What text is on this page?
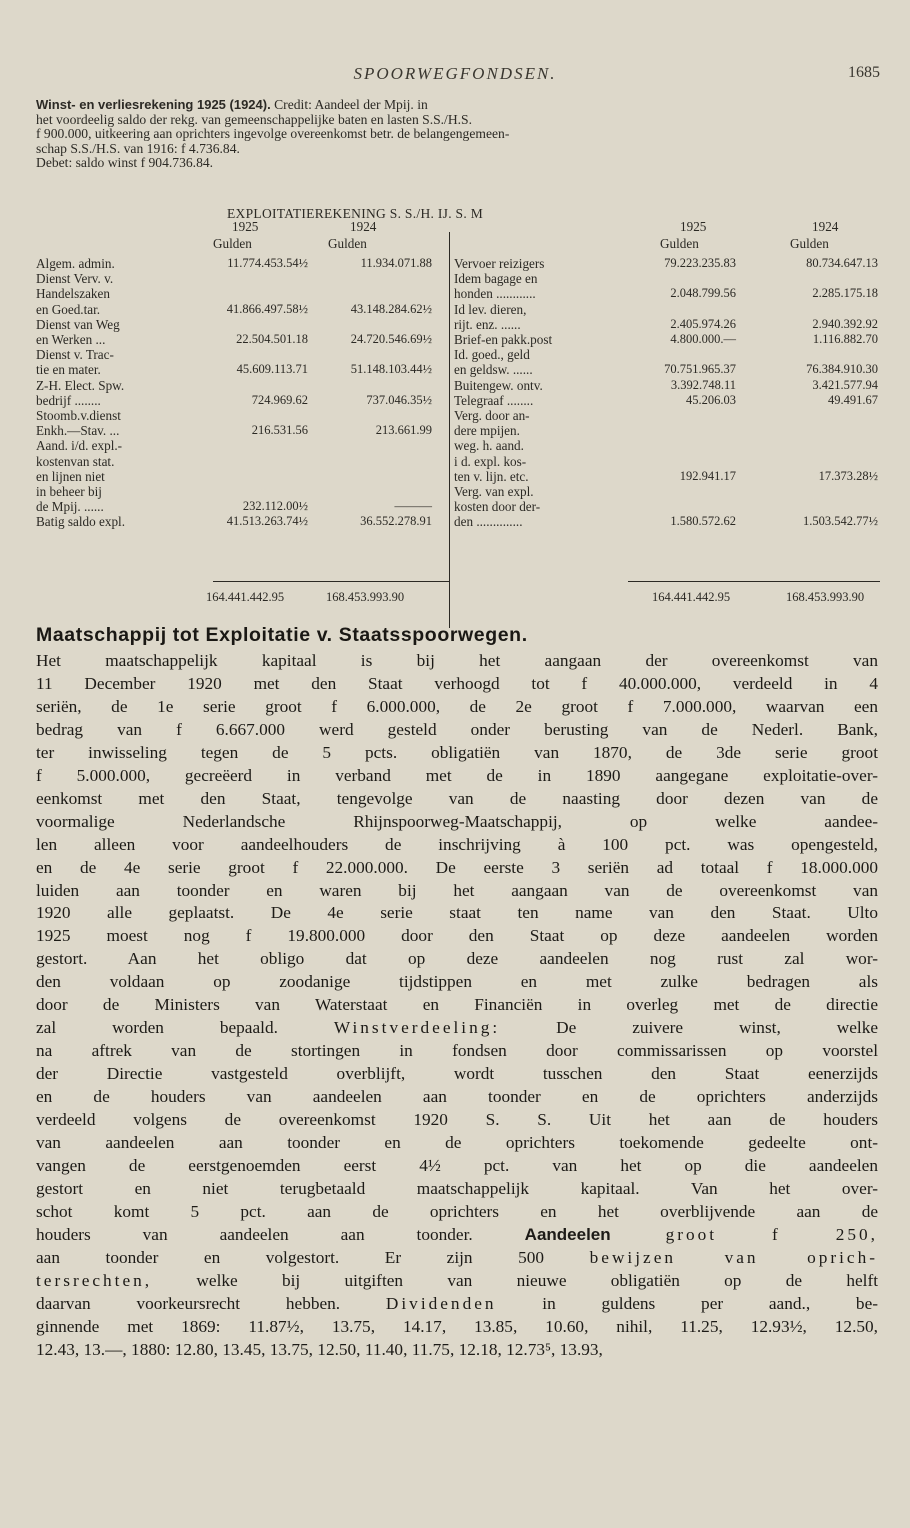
SPOORWEGFONDSEN.	1685
Winst- en verliesrekening 1925 (1924). Credit: Aandeel der Mpij. in
het voordeelig saldo der rekg. van gemeenschappelijke baten en lasten S.S./H.S.
f 900.000, uitkeering aan oprichters ingevolge overeenkomst betr. de belangengemeen-
schap S.S./H.S. van 1916: f 4.736.84.
Debet: saldo winst f 904.736.84.
EXPLOITATIEREKENING S. S./H. IJ. S. M
1925	1924
Gulden	Gulden
1925	1924
Gulden	Gulden
Algem. admin.	11.774.453.54½	11.934.071.88
Dienst Verv. v.
Handelszaken
en Goed.tar.	41.866.497.58½	43.148.284.62½
Dienst van Weg
en Werken ...	22.504.501.18	24.720.546.69½
Dienst v. Trac-
tie en mater.	45.609.113.71	51.148.103.44½
Z-H. Elect. Spw.
bedrijf ........	724.969.62	737.046.35½
Stoomb.v.dienst
Enkh.—Stav. ...	216.531.56	213.661.99
Aand. i/d. expl.-
kostenvan stat.
en lijnen niet
in beheer bij
de Mpij. ......	232.112.00½	———
Batig saldo expl.	41.513.263.74½	36.552.278.91
Vervoer reizigers	79.223.235.83	80.734.647.13
Idem bagage en
honden ............	2.048.799.56	2.285.175.18
Id lev. dieren,
rijt. enz. ......	2.405.974.26	2.940.392.92
Brief-en pakk.post	4.800.000.—	1.116.882.70
Id. goed., geld
en geldsw. ......	70.751.965.37	76.384.910.30
Buitengew. ontv.	3.392.748.11	3.421.577.94
Telegraaf ........	45.206.03	49.491.67
Verg. door an-
dere mpijen.
weg. h. aand.
i d. expl. kos-
ten v. lijn. etc.	192.941.17	17.373.28½
Verg. van expl.
kosten door der-
den ..............	1.580.572.62	1.503.542.77½
164.441.442.95	168.453.993.90	164.441.442.95	168.453.993.90
Maatschappij tot Exploitatie v. Staatsspoorwegen.
Het maatschappelijk kapitaal is bij het aangaan der overeenkomst van
11 December 1920 met den Staat verhoogd tot f 40.000.000, verdeeld in 4
seriën, de 1e serie groot f 6.000.000, de 2e groot f 7.000.000, waarvan een
bedrag van f 6.667.000 werd gesteld onder berusting van de Nederl. Bank,
ter inwisseling tegen de 5 pcts. obligatiën van 1870, de 3de serie groot
f 5.000.000, gecreëerd in verband met de in 1890 aangegane exploitatie-over-
eenkomst met den Staat, tengevolge van de naasting door dezen van de
voormalige Nederlandsche Rhijnspoorweg-Maatschappij, op welke aandee-
len alleen voor aandeelhouders de inschrijving à 100 pct. was opengesteld,
en de 4e serie groot f 22.000.000. De eerste 3 seriën ad totaal f 18.000.000
luiden aan toonder en waren bij het aangaan van de overeenkomst van
1920 alle geplaatst. De 4e serie staat ten name van den Staat. Ulto
1925 moest nog f 19.800.000 door den Staat op deze aandeelen worden
gestort. Aan het obligo dat op deze aandeelen nog rust zal wor-
den voldaan op zoodanige tijdstippen en met zulke bedragen als
door de Ministers van Waterstaat en Financiën in overleg met de directie
zal worden bepaald.	Winstverdeeling: De zuivere winst, welke
na aftrek van de stortingen in fondsen door commissarissen op voorstel
der Directie vastgesteld overblijft, wordt tusschen den Staat eenerzijds
en de houders van aandeelen aan toonder en de oprichters anderzijds
verdeeld volgens de overeenkomst 1920 S. S. Uit het aan de houders
van aandeelen aan toonder en de oprichters toekomende gedeelte ont-
vangen de eerstgenoemden eerst 4½ pct. van het op die aandeelen
gestort en niet terugbetaald maatschappelijk kapitaal. Van het over-
schot komt 5 pct. aan de oprichters en het overblijvende aan de
houders van aandeelen aan toonder.	Aandeelen groot f 250,
aan toonder en volgestort. Er zijn 500	bewijzen van oprich-
tersrechten,	welke bij uitgiften van nieuwe obligatiën op de helft
daarvan voorkeursrecht hebben.	Dividenden in guldens per aand., be-
ginnende met 1869: 11.87½, 13.75, 14.17, 13.85, 10.60, nihil, 11.25, 12.93½, 12.50,
12.43, 13.—, 1880: 12.80, 13.45, 13.75, 12.50, 11.40, 11.75, 12.18, 12.73⁵, 13.93,
